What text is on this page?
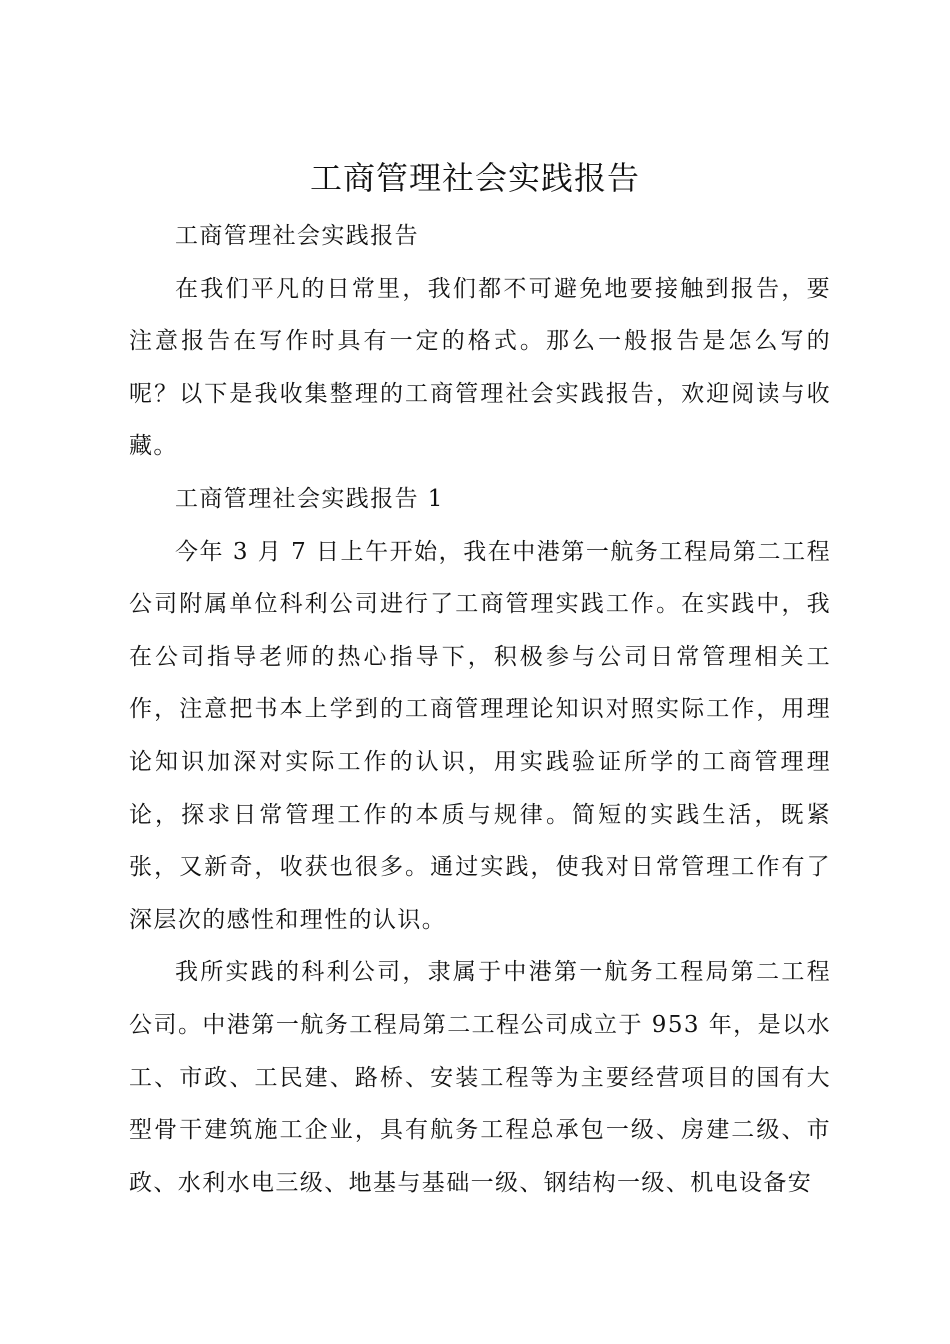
工商管理社会实践报告

工商管理社会实践报告

在我们平凡的日常里，我们都不可避免地要接触到报告，要注意报告在写作时具有一定的格式。那么一般报告是怎么写的呢？以下是我收集整理的工商管理社会实践报告，欢迎阅读与收藏。

工商管理社会实践报告 1

今年 3 月 7 日上午开始，我在中港第一航务工程局第二工程公司附属单位科利公司进行了工商管理实践工作。在实践中，我在公司指导老师的热心指导下，积极参与公司日常管理相关工作，注意把书本上学到的工商管理理论知识对照实际工作，用理论知识加深对实际工作的认识，用实践验证所学的工商管理理论，探求日常管理工作的本质与规律。简短的实践生活，既紧张，又新奇，收获也很多。通过实践，使我对日常管理工作有了深层次的感性和理性的认识。

我所实践的科利公司，隶属于中港第一航务工程局第二工程公司。中港第一航务工程局第二工程公司成立于 953 年，是以水工、市政、工民建、路桥、安装工程等为主要经营项目的国有大型骨干建筑施工企业，具有航务工程总承包一级、房建二级、市政、水利水电三级、地基与基础一级、钢结构一级、机电设备安
